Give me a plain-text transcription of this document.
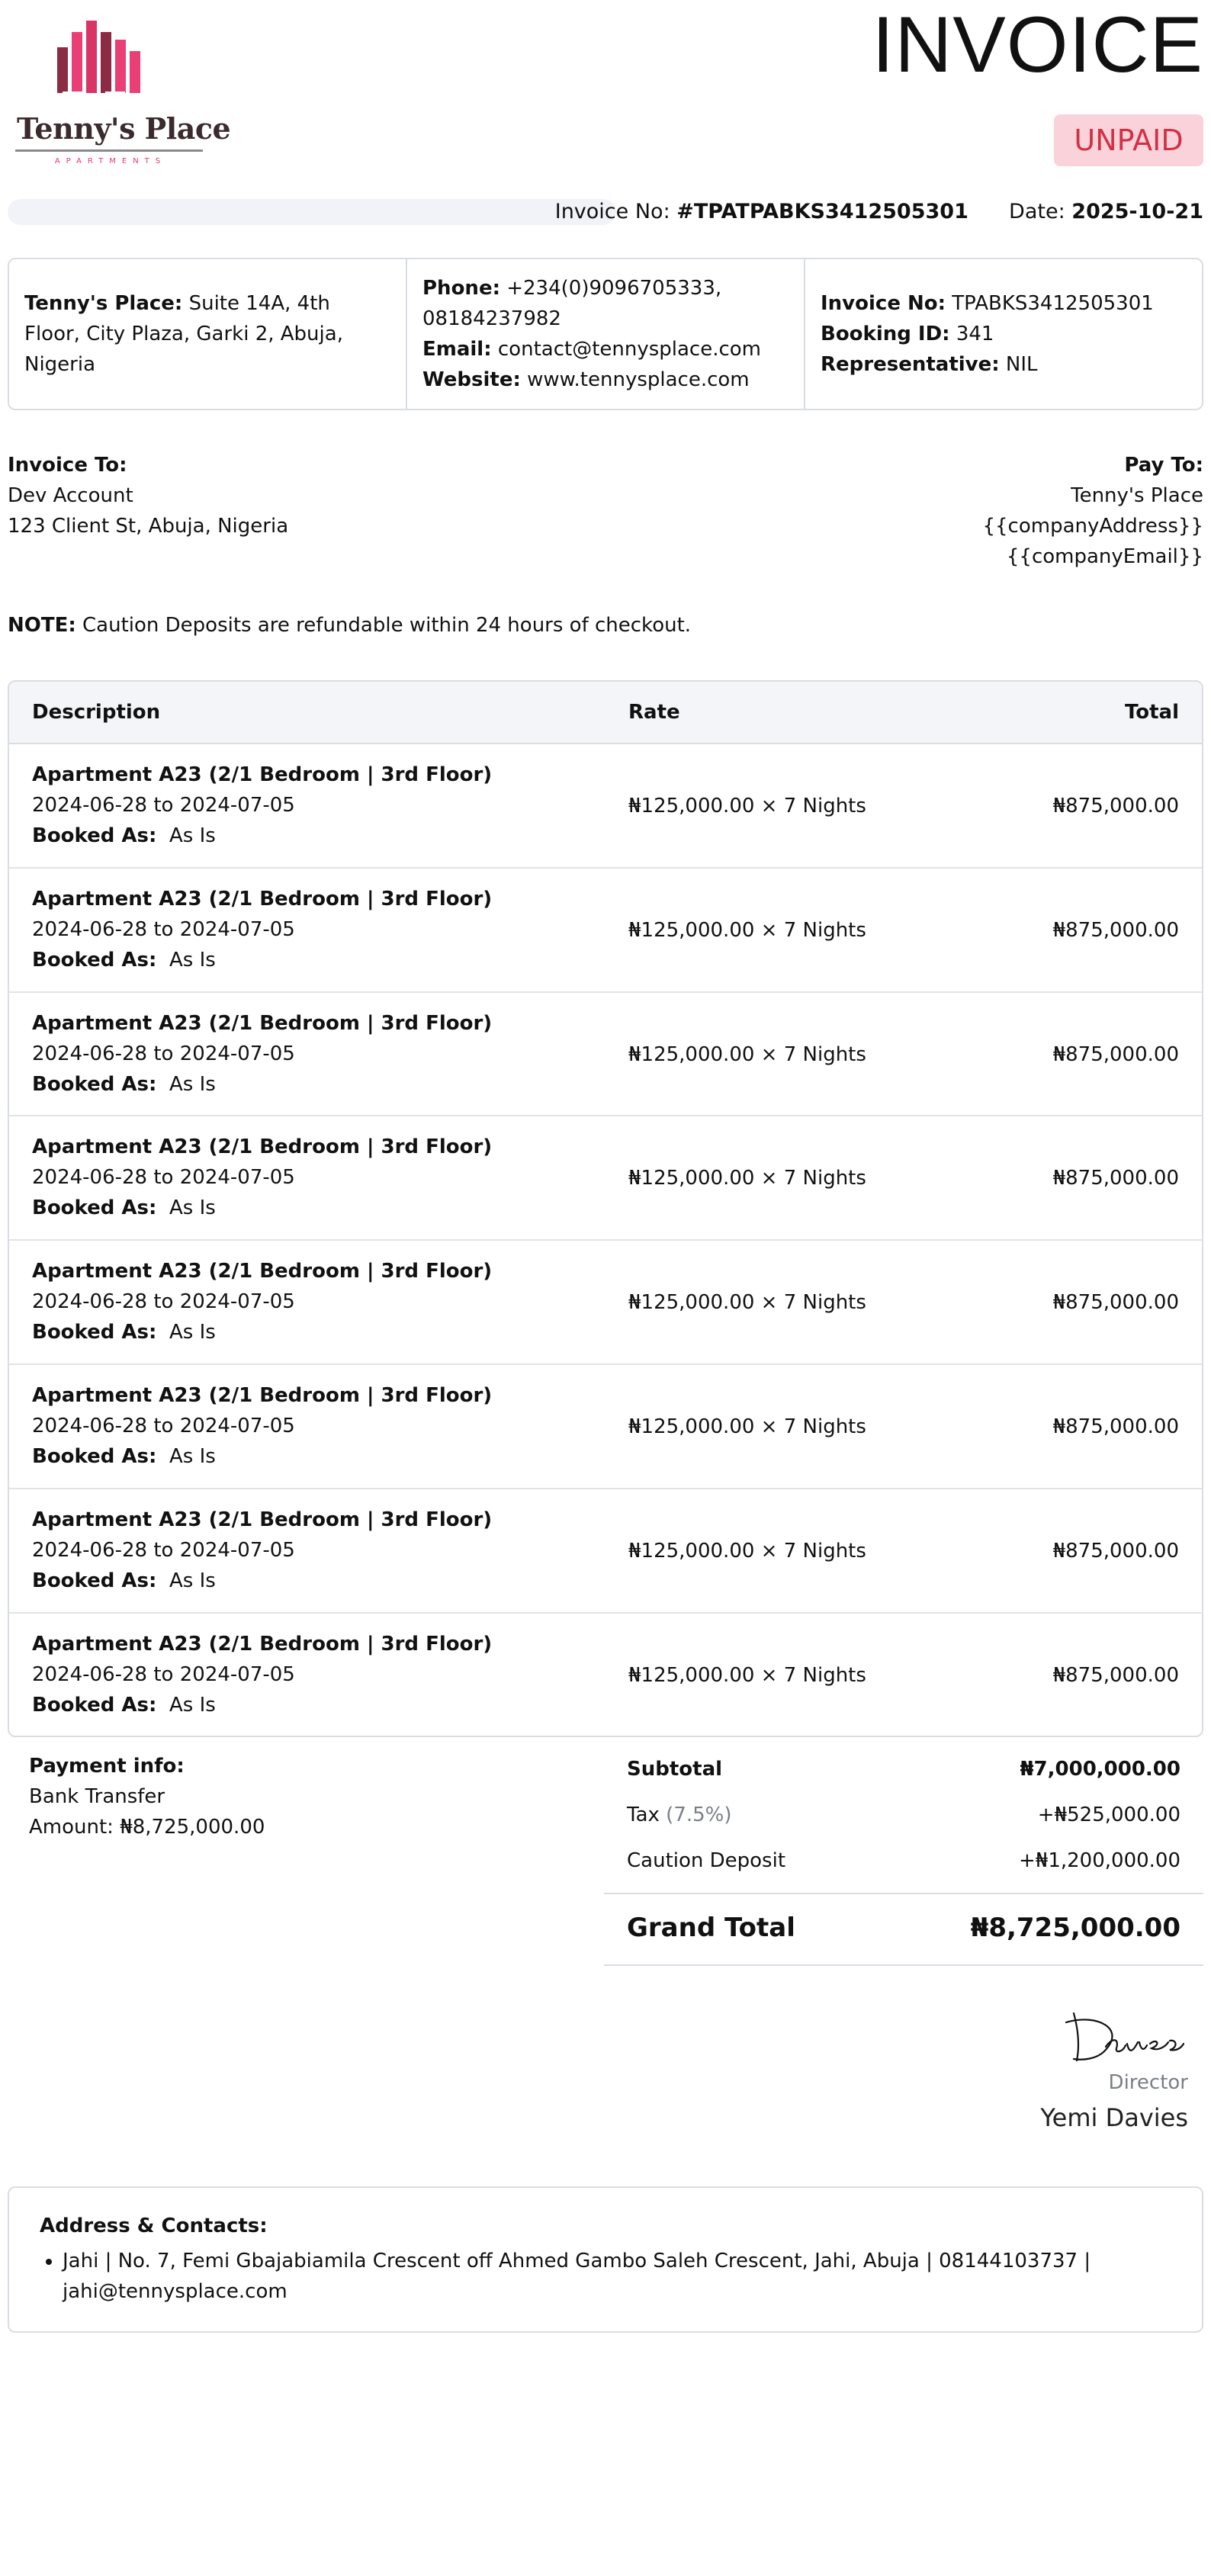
Tenny's Place
APARTMENTS
INVOICE
UNPAID
Invoice No: #TPATPABKS3412505301 Date: 2025-10-21
Tenny's Place: Suite 14A, 4th Floor, City Plaza, Garki 2, Abuja, Nigeria
Phone: +234(0)9096705333, 08184237982
Email: contact@tennysplace.com
Website: www.tennysplace.com
Invoice No: TPABKS3412505301
Booking ID: 341
Representative: NIL
Invoice To:
Dev Account
123 Client St, Abuja, Nigeria
Pay To:
Tenny's Place
{{companyAddress}}
{{companyEmail}}
NOTE: Caution Deposits are refundable within 24 hours of checkout.
Description	Rate	Total
Apartment A23 (2/1 Bedroom | 3rd Floor)
2024-06-28 to 2024-07-05
Booked As: As Is
₦125,000.00 × 7 Nights	₦875,000.00
Apartment A23 (2/1 Bedroom | 3rd Floor)
2024-06-28 to 2024-07-05
Booked As: As Is
₦125,000.00 × 7 Nights	₦875,000.00
Apartment A23 (2/1 Bedroom | 3rd Floor)
2024-06-28 to 2024-07-05
Booked As: As Is
₦125,000.00 × 7 Nights	₦875,000.00
Apartment A23 (2/1 Bedroom | 3rd Floor)
2024-06-28 to 2024-07-05
Booked As: As Is
₦125,000.00 × 7 Nights	₦875,000.00
Apartment A23 (2/1 Bedroom | 3rd Floor)
2024-06-28 to 2024-07-05
Booked As: As Is
₦125,000.00 × 7 Nights	₦875,000.00
Apartment A23 (2/1 Bedroom | 3rd Floor)
2024-06-28 to 2024-07-05
Booked As: As Is
₦125,000.00 × 7 Nights	₦875,000.00
Apartment A23 (2/1 Bedroom | 3rd Floor)
2024-06-28 to 2024-07-05
Booked As: As Is
₦125,000.00 × 7 Nights	₦875,000.00
Apartment A23 (2/1 Bedroom | 3rd Floor)
2024-06-28 to 2024-07-05
Booked As: As Is
₦125,000.00 × 7 Nights	₦875,000.00
Payment info:
Bank Transfer
Amount: ₦8,725,000.00
Subtotal	₦7,000,000.00
Tax (7.5%)	+₦525,000.00
Caution Deposit	+₦1,200,000.00
Grand Total	₦8,725,000.00
Director
Yemi Davies
Address & Contacts:
• Jahi | No. 7, Femi Gbajabiamila Crescent off Ahmed Gambo Saleh Crescent, Jahi, Abuja | 08144103737 | jahi@tennysplace.com
